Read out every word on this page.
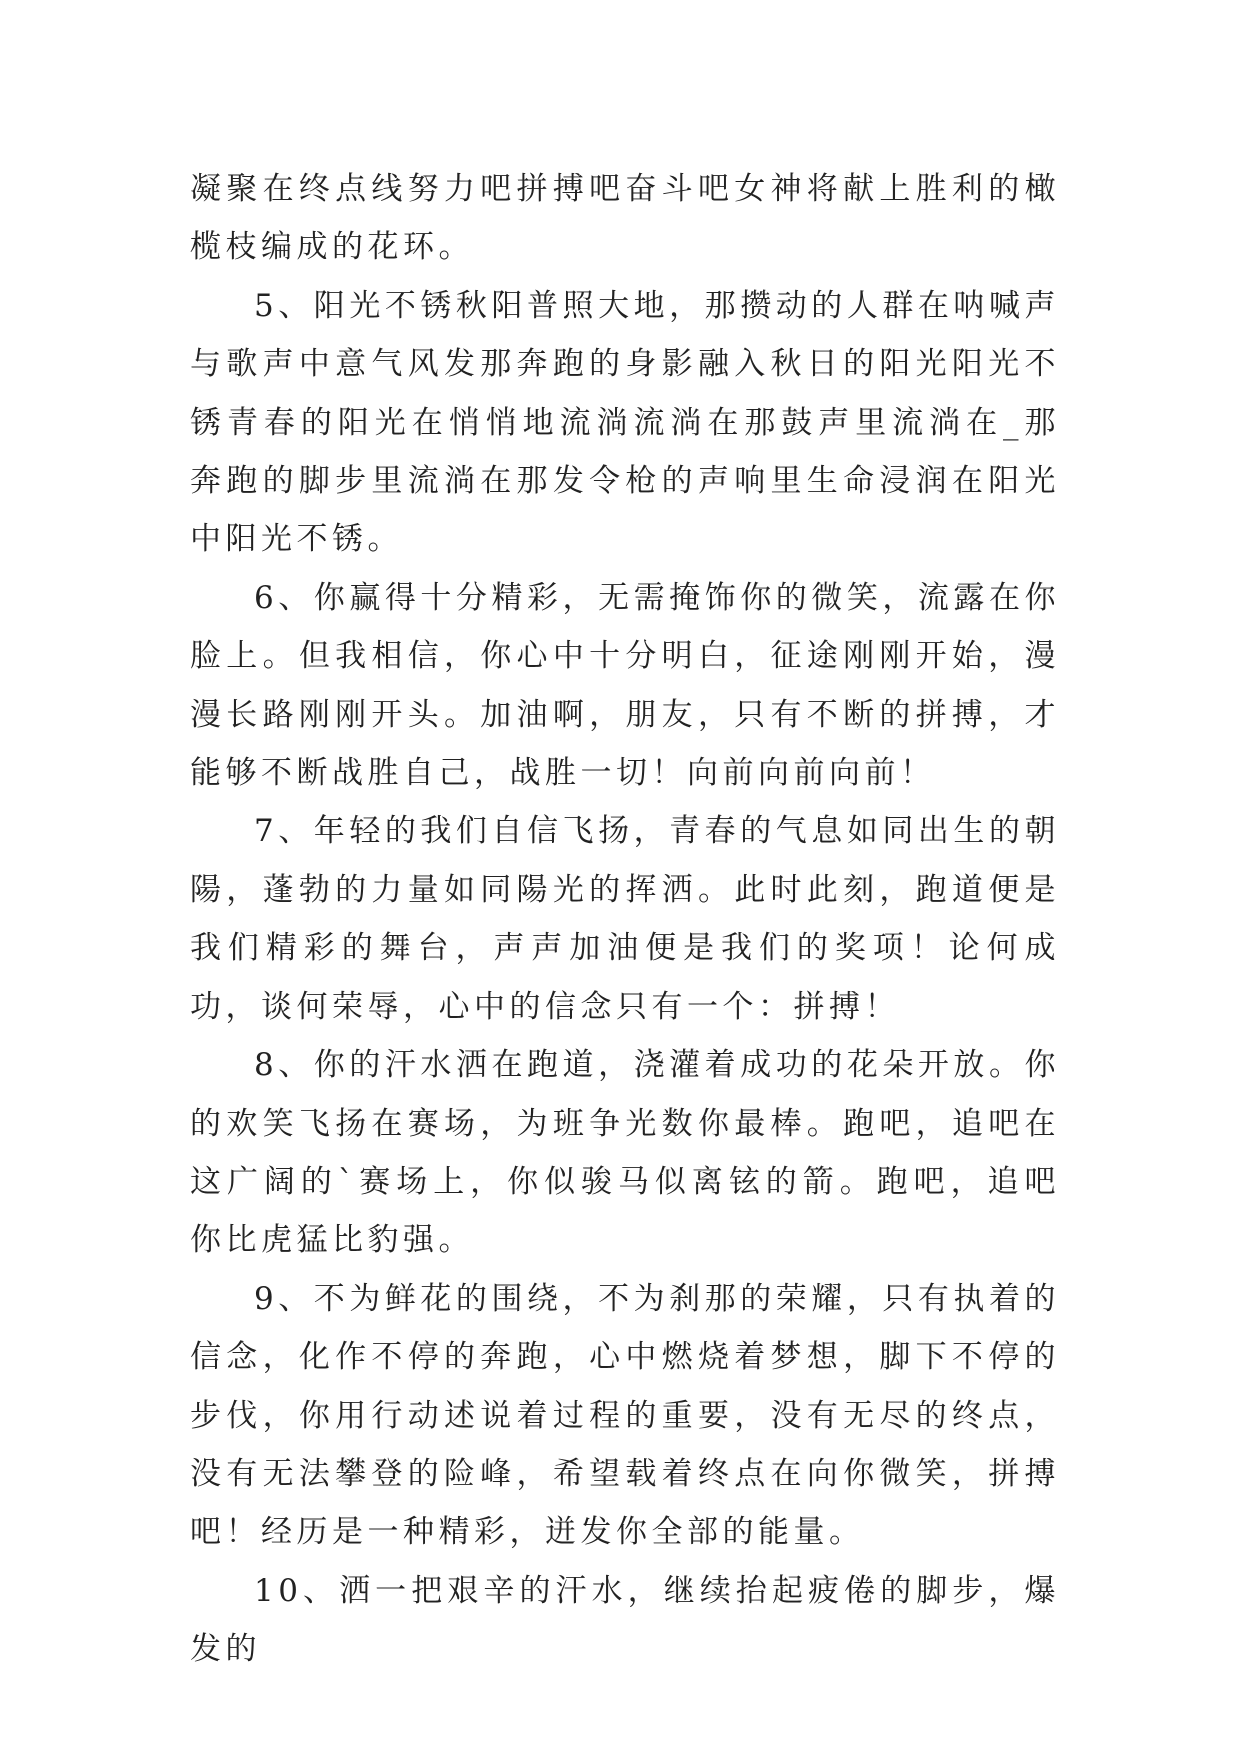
凝聚在终点线努力吧拼搏吧奋斗吧女神将献上胜利的橄榄枝编成的花环。

5、阳光不锈秋阳普照大地，那攒动的人群在呐喊声与歌声中意气风发那奔跑的身影融入秋日的阳光阳光不锈青春的阳光在悄悄地流淌流淌在那鼓声里流淌在_那奔跑的脚步里流淌在那发令枪的声响里生命浸润在阳光中阳光不锈。

6、你赢得十分精彩，无需掩饰你的微笑，流露在你脸上。但我相信，你心中十分明白，征途刚刚开始，漫漫长路刚刚开头。加油啊，朋友，只有不断的拼搏，才能够不断战胜自己，战胜一切！向前向前向前！

7、年轻的我们自信飞扬，青春的气息如同出生的朝陽，蓬勃的力量如同陽光的挥洒。此时此刻，跑道便是我们精彩的舞台，声声加油便是我们的奖项！论何成功，谈何荣辱，心中的信念只有一个：拼搏！

8、你的汗水洒在跑道，浇灌着成功的花朵开放。你的欢笑飞扬在赛场，为班争光数你最棒。跑吧，追吧在这广阔的`赛场上，你似骏马似离铉的箭。跑吧，追吧你比虎猛比豹强。

9、不为鲜花的围绕，不为刹那的荣耀，只有执着的信念，化作不停的奔跑，心中燃烧着梦想，脚下不停的步伐，你用行动述说着过程的重要，没有无尽的终点，没有无法攀登的险峰，希望载着终点在向你微笑，拼搏吧！经历是一种精彩，迸发你全部的能量。

10、洒一把艰辛的汗水，继续抬起疲倦的脚步，爆发的
